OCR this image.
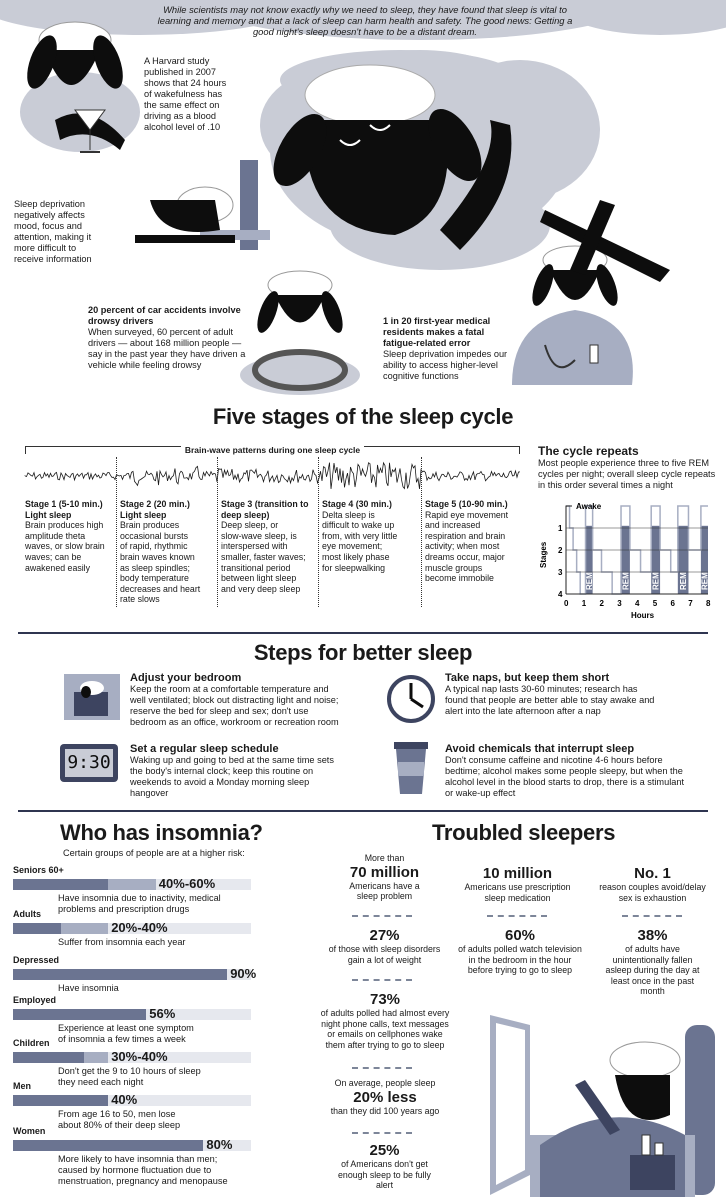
While scientists may not know exactly why we need to sleep, they have found that sleep is vital to
learning and memory and that a lack of sleep can harm health and safety. The good news: Getting a
good night's sleep doesn't have to be a distant dream.
A Harvard study
published in 2007
shows that 24 hours
of wakefulness has
the same effect on
driving as a blood
alcohol level of .10
Sleep deprivation
negatively affects
mood, focus and
attention, making it
more difficult to
receive information
20 percent of car accidents involve
drowsy drivers
When surveyed, 60 percent of adult
drivers — about 168 million people —
say in the past year they have driven a
vehicle while feeling drowsy
1 in 20 first-year medical
residents makes a fatal
fatigue-related error
Sleep deprivation impedes our
ability to access higher-level
cognitive functions
Five stages of the sleep cycle
Brain-wave patterns during one sleep cycle
Stage 1 (5-10 min.)
Light sleep
Brain produces high
amplitude theta
waves, or slow brain
waves; can be
awakened easily
Stage 2 (20 min.)
Light sleep
Brain produces
occasional bursts
of rapid, rhythmic
brain waves known
as sleep spindles;
body temperature
decreases and heart
rate slows
Stage 3 (transition to
deep sleep)
Deep sleep, or
slow-wave sleep, is
interspersed with
smaller, faster waves;
transitional period
between light sleep
and very deep sleep
Stage 4 (30 min.)
Delta sleep is
difficult to wake up
from, with very little
eye movement;
most likely phase
for sleepwalking
Stage 5 (10-90 min.)
Rapid eye movement
and increased
respiration and brain
activity; when most
dreams occur, major
muscle groups
become immobile
The cycle repeats
Most people experience three to five REM
cycles per night; overall sleep cycle repeats
in this order several times a night
REM	REM	REM REM REM
Awake
1
2
3
4
0 1 2 3 4 5 6 7 8
Stages
Hours
Steps for better sleep
Adjust your bedroom
Keep the room at a comfortable temperature and
well ventilated; block out distracting light and noise;
reserve the bed for sleep and sex; don't use
bedroom as an office, workroom or recreation room
Take naps, but keep them short
A typical nap lasts 30-60 minutes; research has
found that people are better able to stay awake and
alert into the late afternoon after a nap
9:30
Set a regular sleep schedule
Waking up and going to bed at the same time sets
the body's internal clock; keep this routine on
weekends to avoid a Monday morning sleep
hangover
Avoid chemicals that interrupt sleep
Don't consume caffeine and nicotine 4-6 hours before
bedtime; alcohol makes some people sleepy, but when the
alcohol level in the blood starts to drop, there is a stimulant
or wake-up effect
Who has insomnia?
Certain groups of people are at a higher risk:
Seniors 60+
40%-60%
Have insomnia due to inactivity, medical
problems and prescription drugs
Adults
20%-40%
Suffer from insomnia each year
Depressed
90%
Have insomnia
Employed
56%
Experience at least one symptom
of insomnia a few times a week
Children
30%-40%
Don't get the 9 to 10 hours of sleep
they need each night
Men
40%
From age 16 to 50, men lose
about 80% of their deep sleep
Women
80%
More likely to have insomnia than men;
caused by hormone fluctuation due to
menstruation, pregnancy and menopause
Troubled sleepers
More than
70 million
Americans have a
sleep problem
10 million
Americans use prescription
sleep medication
No. 1
reason couples avoid/delay
sex is exhaustion
27%
of those with sleep disorders
gain a lot of weight
60%
of adults polled watch television
in the bedroom in the hour
before trying to go to sleep
38%
of adults have
unintentionally fallen
asleep during the day at
least once in the past
month
73%
of adults polled had almost every
night phone calls, text messages
or emails on cellphones wake
them after trying to go to sleep
On average, people sleep
20% less
than they did 100 years ago
25%
of Americans don't get
enough sleep to be fully
alert
